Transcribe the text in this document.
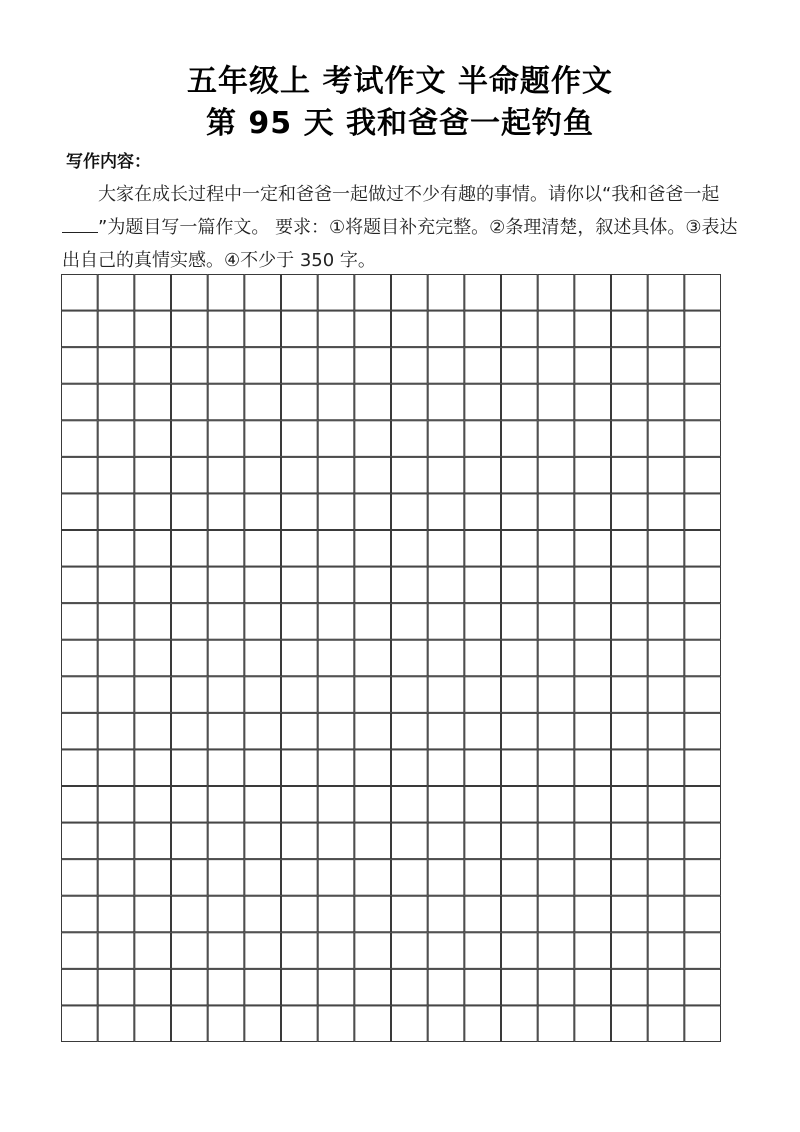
五年级上 考试作文 半命题作文
第 95 天 我和爸爸一起钓鱼
写作内容：
大家在成长过程中一定和爸爸一起做过不少有趣的事情。请你以“我和爸爸一起”为题目写一篇作文。 要求：①将题目补充完整。②条理清楚，叙述具体。③表达出自己的真情实感。④不少于 350 字。
